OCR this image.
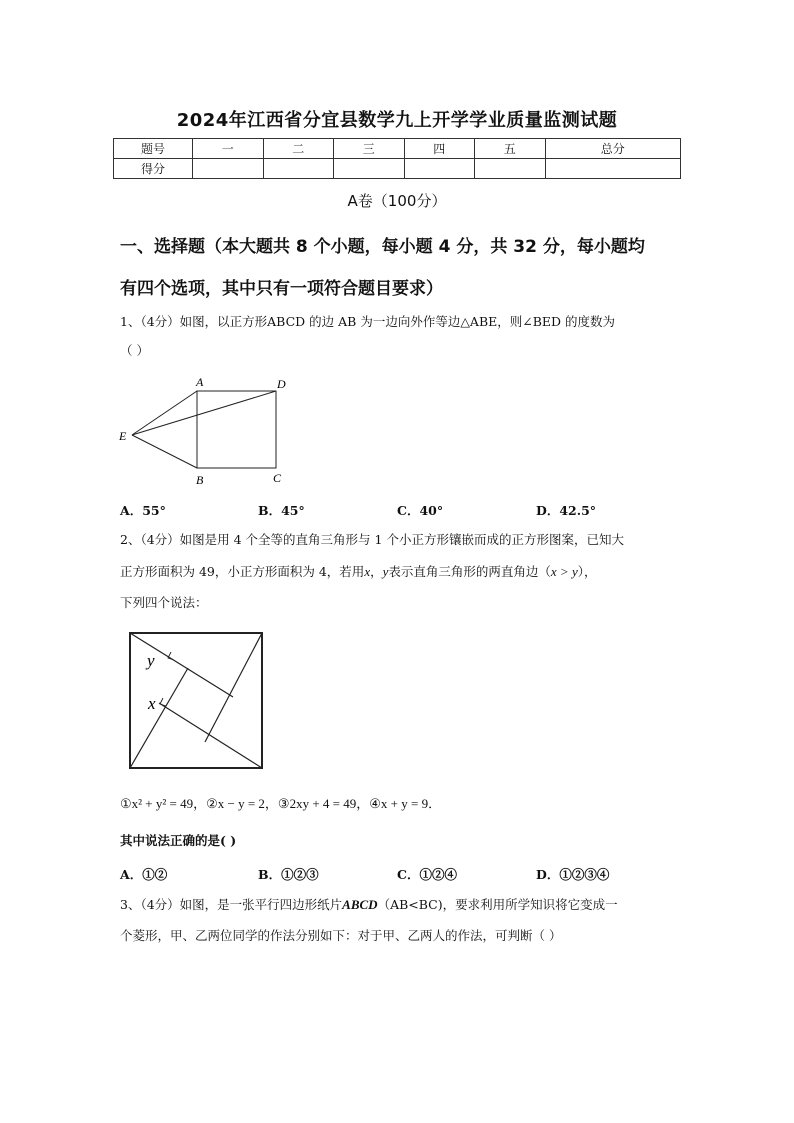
2024年江西省分宜县数学九上开学学业质量监测试题
题号	一	二	三	四	五	总分
得分						
A卷（100分）
一、选择题（本大题共 8 个小题，每小题 4 分，共 32 分，每小题均
有四个选项，其中只有一项符合题目要求）
1、（4分）如图，以正方形ABCD 的边 AB 为一边向外作等边△ABE，则∠BED 的度数为
（ ）
A	D
E
B	C
A．55°	B．45°	C．40°	D．42.5°
2、（4分）如图是用 4 个全等的直角三角形与 1 个小正方形镶嵌而成的正方形图案，已知大
正方形面积为 49，小正方形面积为 4，若用x，y表示直角三角形的两直角边（x > y），
下列四个说法：
y
x
①x² + y² = 49，②x − y = 2，③2xy + 4 = 49，④x + y = 9．
其中说法正确的是( )
A．①②	B．①②③	C．①②④	D．①②③④
3、（4分）如图，是一张平行四边形纸片ABCD（AB<BC)，要求利用所学知识将它变成一
个菱形，甲、乙两位同学的作法分别如下：对于甲、乙两人的作法，可判断（ ）
